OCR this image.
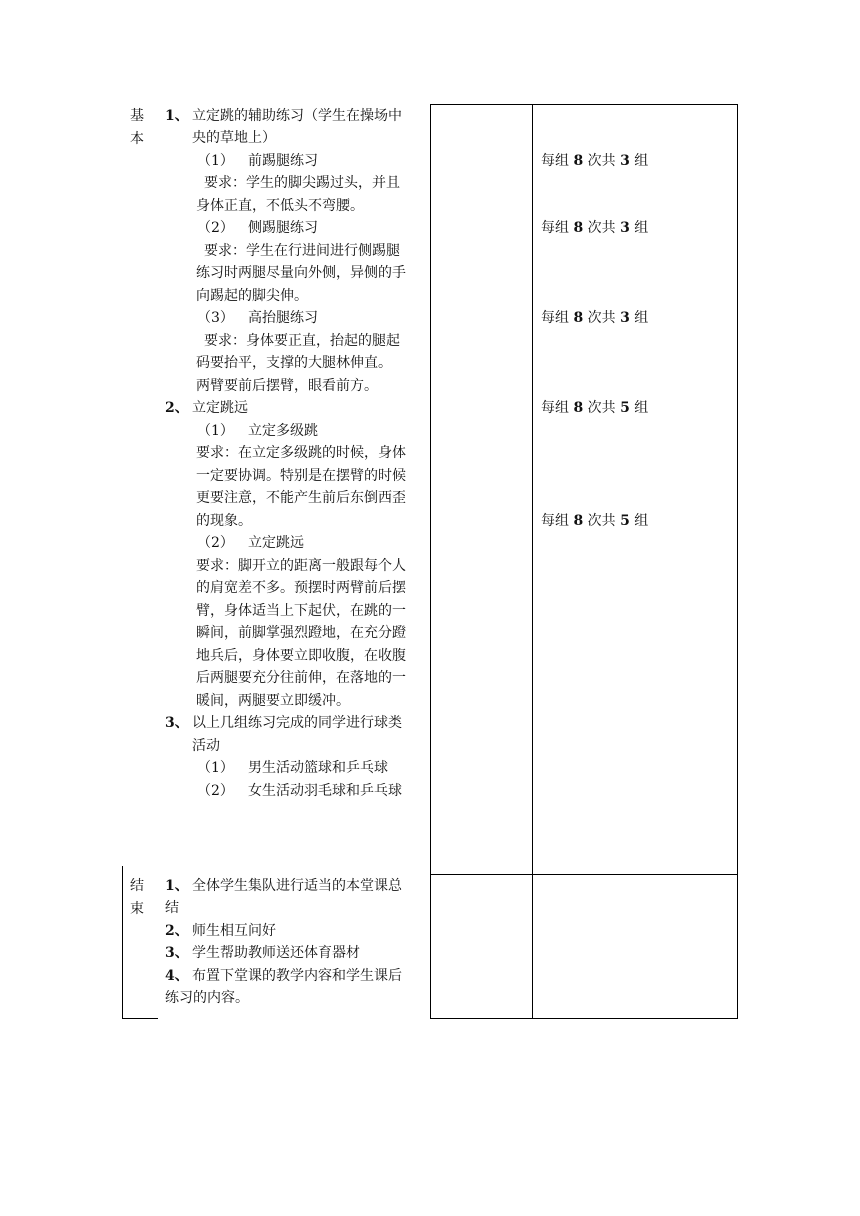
基
本
1、 立定跳的辅助练习（学生在操场中
央的草地上）
（1） 前踢腿练习
要求：学生的脚尖踢过头，并且
身体正直，不低头不弯腰。
（2） 侧踢腿练习
要求：学生在行进间进行侧踢腿
练习时两腿尽量向外侧，异侧的手
向踢起的脚尖伸。
（3） 高抬腿练习
要求：身体要正直，抬起的腿起
码要抬平，支撑的大腿林伸直。
两臂要前后摆臂，眼看前方。
2、 立定跳远
（1） 立定多级跳
要求：在立定多级跳的时候，身体
一定要协调。特别是在摆臂的时候
更要注意，不能产生前后东倒西歪
的现象。
（2） 立定跳远
要求：脚开立的距离一般跟每个人
的肩宽差不多。预摆时两臂前后摆
臂，身体适当上下起伏，在跳的一
瞬间，前脚掌强烈蹬地，在充分蹬
地兵后，身体要立即收腹，在收腹
后两腿要充分往前伸，在落地的一
暖间，两腿要立即缓冲。
3、 以上几组练习完成的同学进行球类
活动
（1） 男生活动篮球和乒乓球
（2） 女生活动羽毛球和乒乓球
每组 8 次共 3 组
每组 8 次共 3 组
每组 8 次共 3 组
每组 8 次共 5 组
每组 8 次共 5 组
结
束
1、 全体学生集队进行适当的本堂课总
结
2、 师生相互问好
3、 学生帮助教师送还体育器材
4、 布置下堂课的教学内容和学生课后
练习的内容。
